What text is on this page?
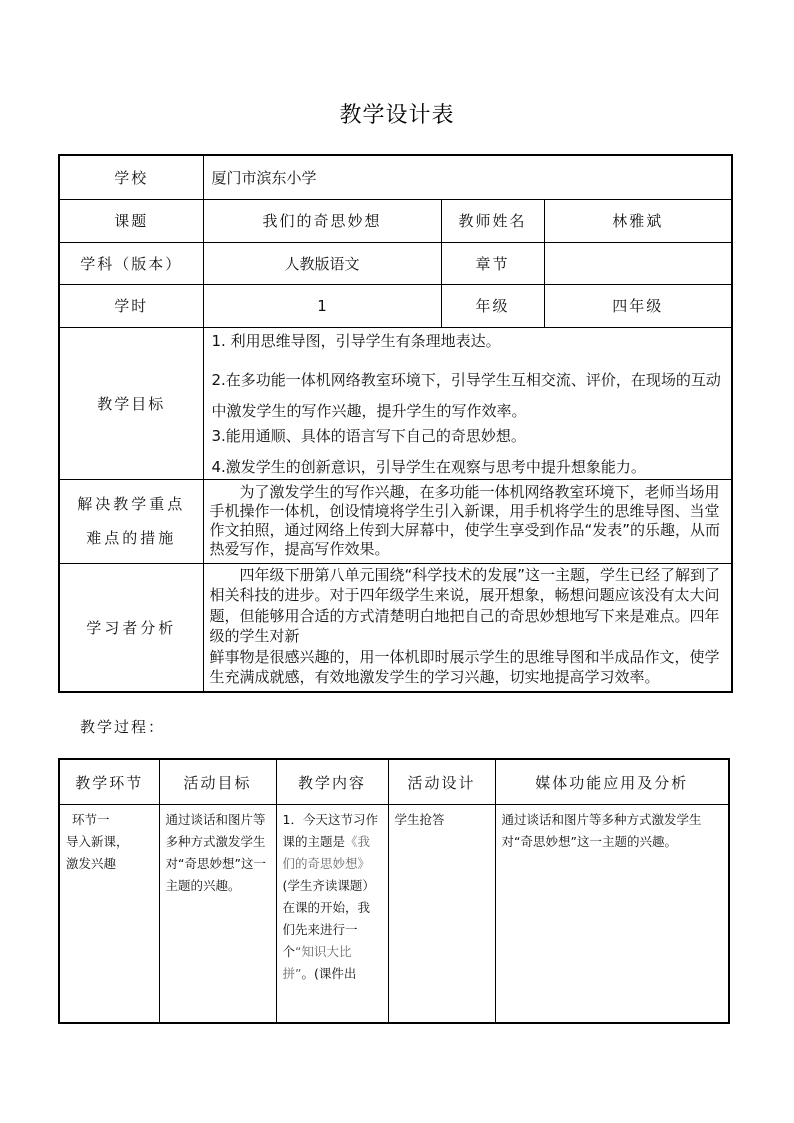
教学设计表
学校	厦门市滨东小学		
课题	我们的奇思妙想	教师姓名	林雅斌
学科（版本）	人教版语文	章节	
学时	1	年级	四年级
教学目标	1. 利用思维导图，引导学生有条理地表达。
2.在多功能一体机网络教室环境下，引导学生互相交流、评价，在现场的互动中激发学生的写作兴趣，提升学生的写作效率。
3.能用通顺、具体的语言写下自己的奇思妙想。
4.激发学生的创新意识，引导学生在观察与思考中提升想象能力。		

解决教学重点
难点的措施	为了激发学生的写作兴趣，在多功能一体机网络教室环境下，老师当场用手机操作一体机，创设情境将学生引入新课，用手机将学生的思维导图、当堂作文拍照，通过网络上传到大屏幕中，使学生享受到作品“发表”的乐趣，从而热爱写作，提高写作效果。		
学习者分析	四年级下册第八单元围绕“科学技术的发展”这一主题，学生已经了解到了相关科技的进步。对于四年级学生来说，展开想象，畅想问题应该没有太大问题，但能够用合适的方式清楚明白地把自己的奇思妙想地写下来是难点。四年级的学生对新
鲜事物是很感兴趣的，用一体机即时展示学生的思维导图和半成品作文，使学生充满成就感，有效地激发学生的学习兴趣，切实地提高学习效率。		
教学过程：
教学环节	活动目标	教学内容	活动设计	媒体功能应用及分析

环节一
导入新课，
激发兴趣	通过谈话和图片等多种方式激发学生对“奇思妙想”这一主题的兴趣。	1．今天这节习作课的主题是《我们的奇思妙想》(学生齐读课题）在课的开始，我们先来进行一个“知识大比拼”。(课件出	学生抢答	通过谈话和图片等多种方式激发学生对“奇思妙想”这一主题的兴趣。
